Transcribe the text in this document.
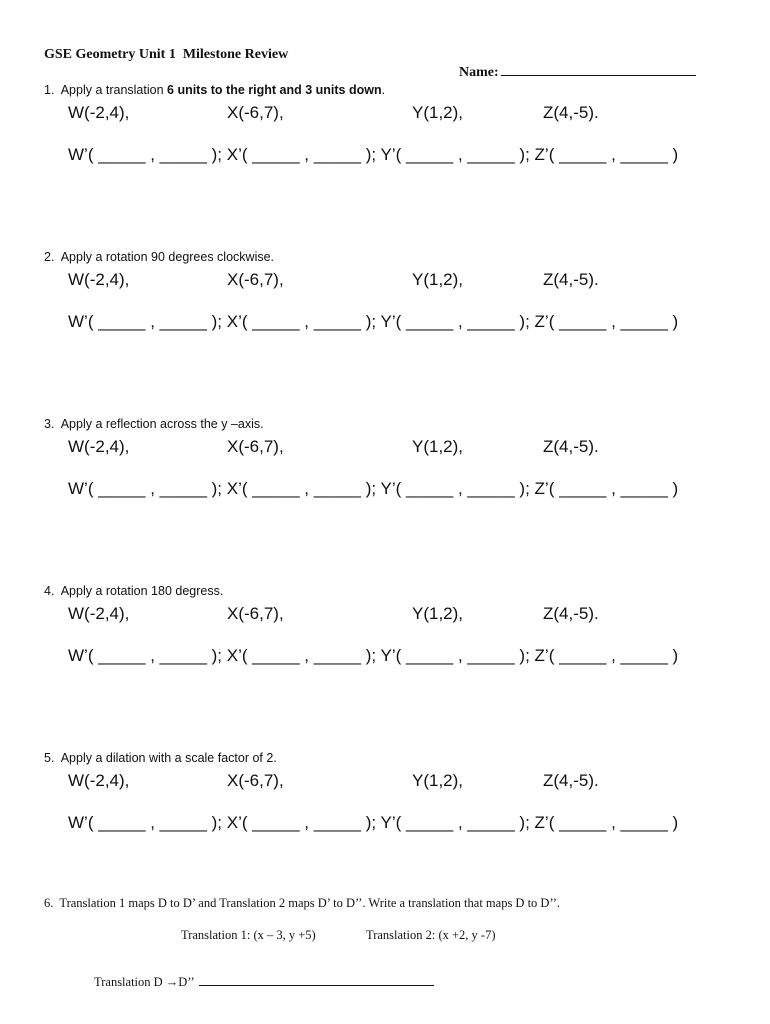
GSE Geometry Unit 1  Milestone Review

Name:

1. Apply a translation 6 units to the right and 3 units down.
W(-2,4),	X(-6,7),	Y(1,2),	Z(4,-5).
W’( _____ , _____ ); X’( _____ , _____ ); Y’( _____ , _____ ); Z’( _____ , _____ )
2. Apply a rotation 90 degrees clockwise.
W(-2,4),	X(-6,7),	Y(1,2),	Z(4,-5).
W’( _____ , _____ ); X’( _____ , _____ ); Y’( _____ , _____ ); Z’( _____ , _____ )
3. Apply a reflection across the y –axis.
W(-2,4),	X(-6,7),	Y(1,2),	Z(4,-5).
W’( _____ , _____ ); X’( _____ , _____ ); Y’( _____ , _____ ); Z’( _____ , _____ )
4. Apply a rotation 180 degress.
W(-2,4),	X(-6,7),	Y(1,2),	Z(4,-5).
W’( _____ , _____ ); X’( _____ , _____ ); Y’( _____ , _____ ); Z’( _____ , _____ )
5. Apply a dilation with a scale factor of 2.
W(-2,4),	X(-6,7),	Y(1,2),	Z(4,-5).
W’( _____ , _____ ); X’( _____ , _____ ); Y’( _____ , _____ ); Z’( _____ , _____ )
6.  Translation 1 maps D to D’ and Translation 2 maps D’ to D’’. Write a translation that maps D to D’’.
Translation 1: (x – 3, y +5)	Translation 2: (x +2, y -7)

Translation D →D’’
